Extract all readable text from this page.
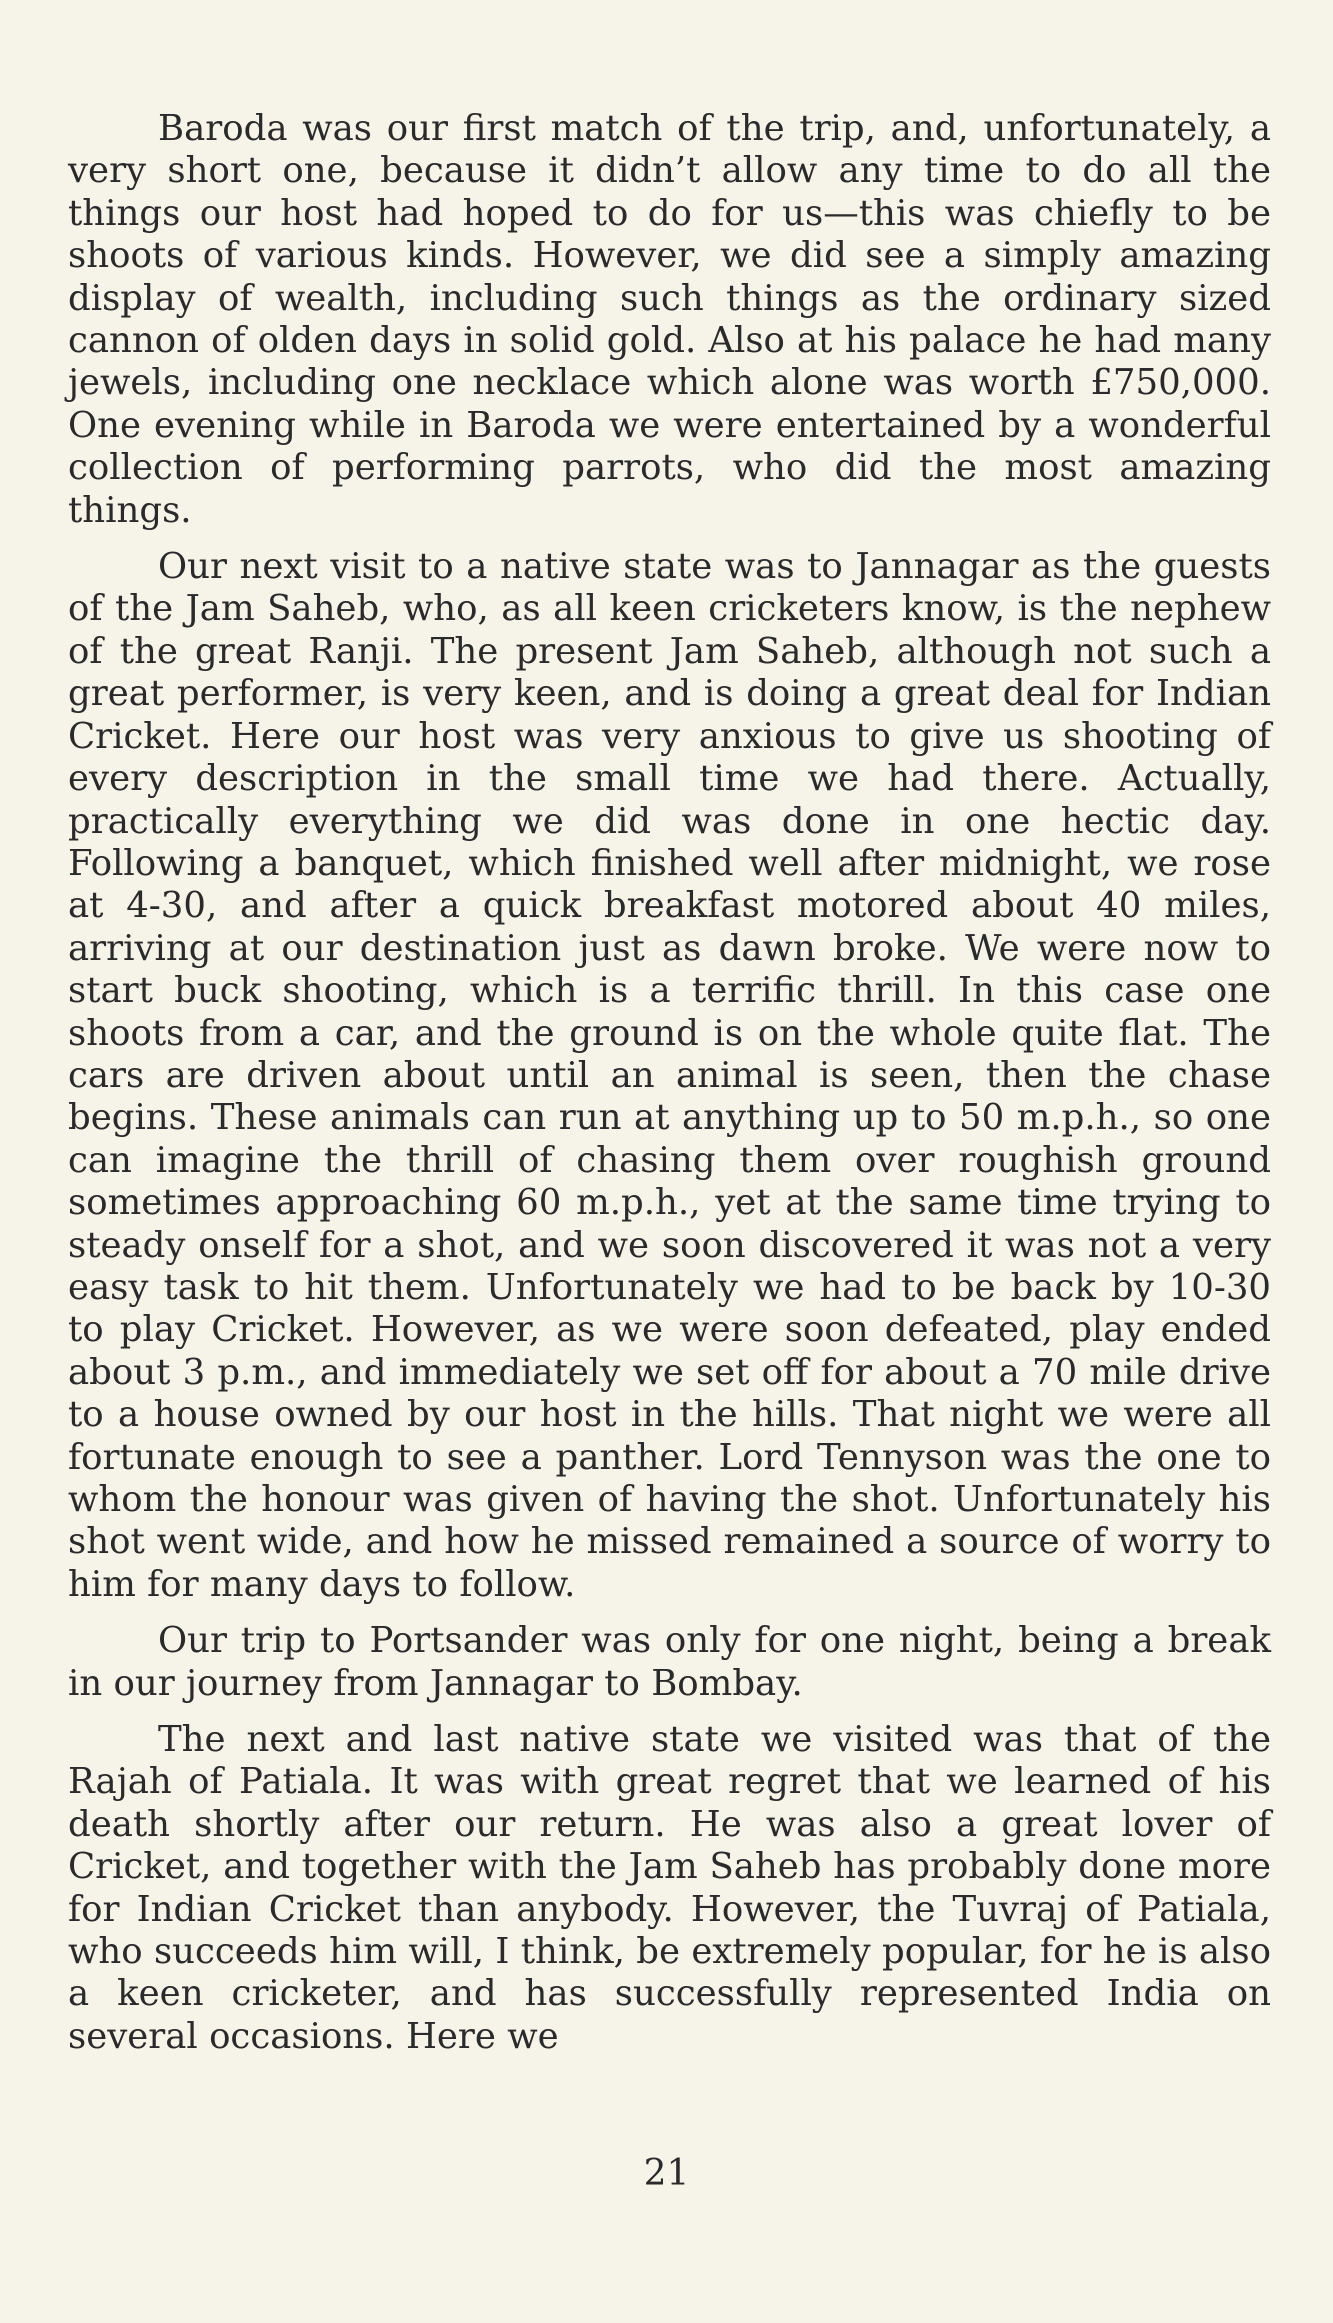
Baroda was our first match of the trip, and, unfortunately, a very short one, because it didn’t allow any time to do all the things our host had hoped to do for us—this was chiefly to be shoots of various kinds. However, we did see a simply amazing display of wealth, including such things as the ordinary sized cannon of olden days in solid gold. Also at his palace he had many jewels, including one necklace which alone was worth £750,000. One evening while in Baroda we were entertained by a wonderful collection of performing parrots, who did the most amazing things.

Our next visit to a native state was to Jannagar as the guests of the Jam Saheb, who, as all keen cricketers know, is the nephew of the great Ranji. The present Jam Saheb, although not such a great performer, is very keen, and is doing a great deal for Indian Cricket. Here our host was very anxious to give us shooting of every description in the small time we had there. Actually, practically everything we did was done in one hectic day. Following a banquet, which finished well after midnight, we rose at 4-30, and after a quick breakfast motored about 40 miles, arriving at our destination just as dawn broke. We were now to start buck shooting, which is a terrific thrill. In this case one shoots from a car, and the ground is on the whole quite flat. The cars are driven about until an animal is seen, then the chase begins. These animals can run at anything up to 50 m.p.h., so one can imagine the thrill of chasing them over roughish ground sometimes approaching 60 m.p.h., yet at the same time trying to steady onself for a shot, and we soon discovered it was not a very easy task to hit them. Unfortunately we had to be back by 10-30 to play Cricket. However, as we were soon defeated, play ended about 3 p.m., and immediately we set off for about a 70 mile drive to a house owned by our host in the hills. That night we were all fortunate enough to see a panther. Lord Tennyson was the one to whom the honour was given of having the shot. Unfortunately his shot went wide, and how he missed remained a source of worry to him for many days to follow.

Our trip to Portsander was only for one night, being a break in our journey from Jannagar to Bombay.

The next and last native state we visited was that of the Rajah of Patiala. It was with great regret that we learned of his death shortly after our return. He was also a great lover of Cricket, and together with the Jam Saheb has probably done more for Indian Cricket than anybody. However, the Tuvraj of Patiala, who succeeds him will, I think, be extremely popular, for he is also a keen cricketer, and has successfully represented India on several occasions. Here we

21
